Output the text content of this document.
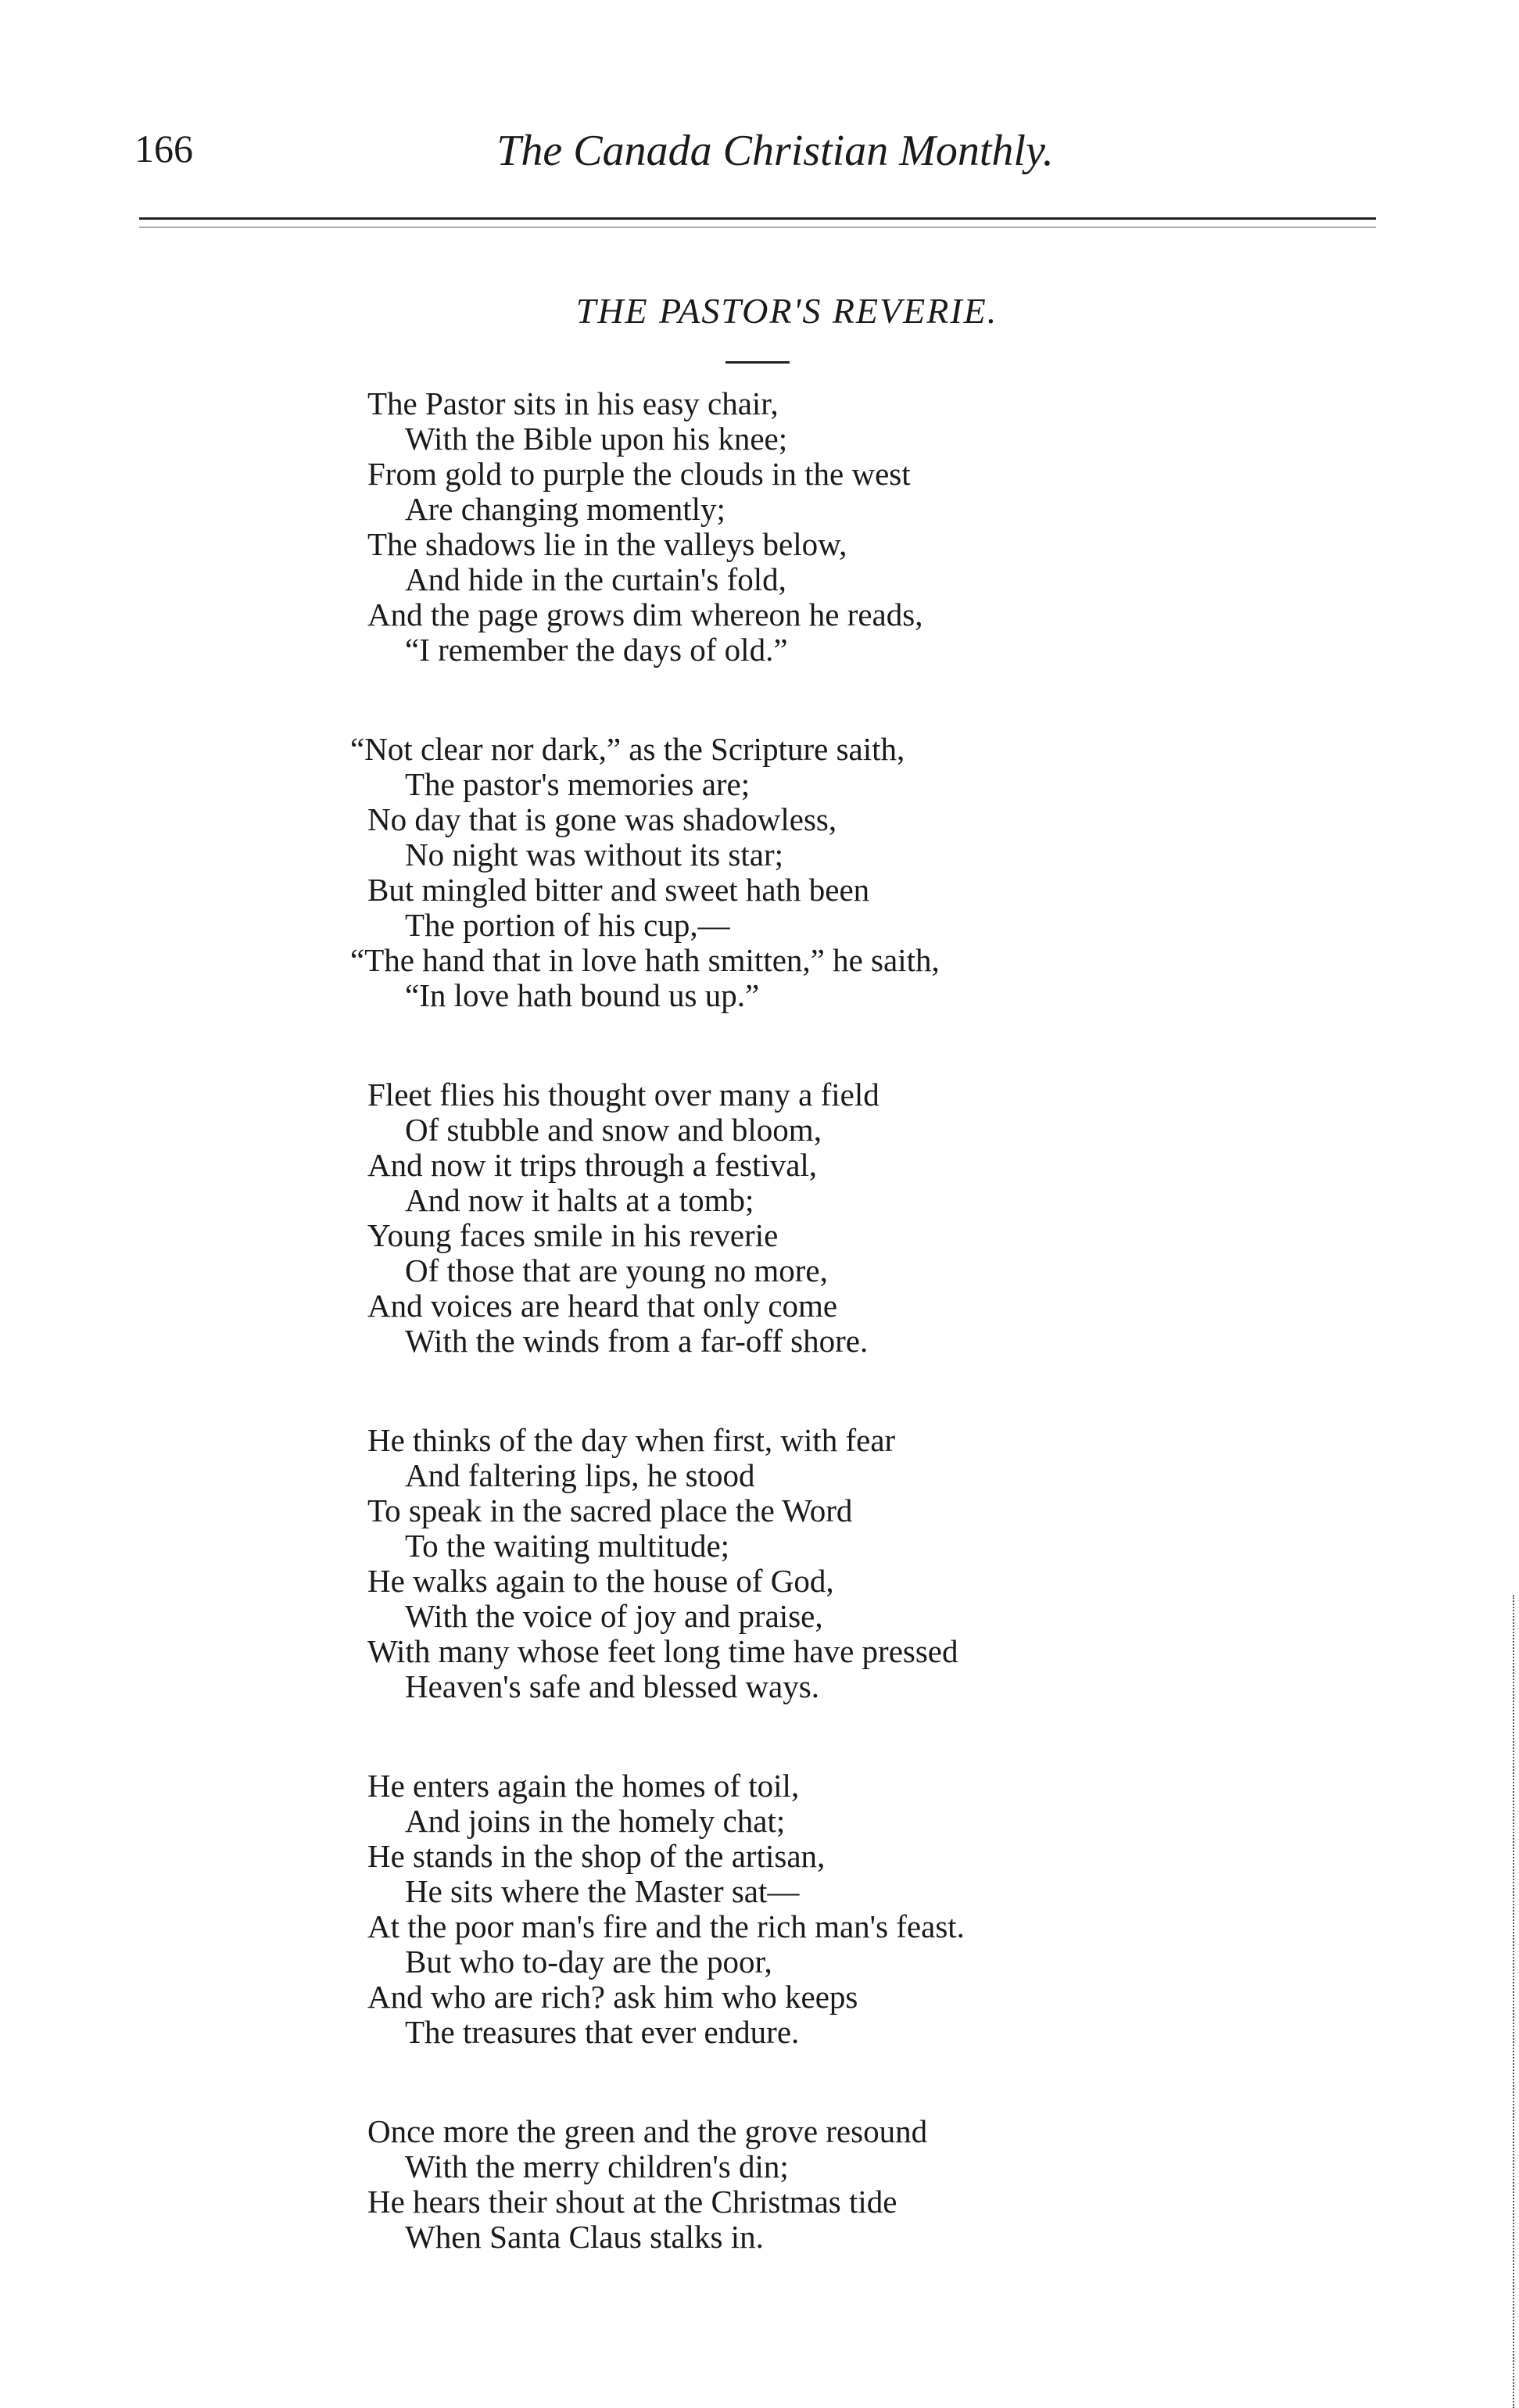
166	The Canada Christian Monthly.
THE PASTOR'S REVERIE.
The Pastor sits in his easy chair,
With the Bible upon his knee;
From gold to purple the clouds in the west
Are changing momently;
The shadows lie in the valleys below,
And hide in the curtain's fold,
And the page grows dim whereon he reads,
“I remember the days of old.”
“Not clear nor dark,” as the Scripture saith,
The pastor's memories are;
No day that is gone was shadowless,
No night was without its star;
But mingled bitter and sweet hath been
The portion of his cup,—
“The hand that in love hath smitten,” he saith,
“In love hath bound us up.”
Fleet flies his thought over many a field
Of stubble and snow and bloom,
And now it trips through a festival,
And now it halts at a tomb;
Young faces smile in his reverie
Of those that are young no more,
And voices are heard that only come
With the winds from a far-off shore.
He thinks of the day when first, with fear
And faltering lips, he stood
To speak in the sacred place the Word
To the waiting multitude;
He walks again to the house of God,
With the voice of joy and praise,
With many whose feet long time have pressed
Heaven's safe and blessed ways.
He enters again the homes of toil,
And joins in the homely chat;
He stands in the shop of the artisan,
He sits where the Master sat—
At the poor man's fire and the rich man's feast.
But who to-day are the poor,
And who are rich? ask him who keeps
The treasures that ever endure.
Once more the green and the grove resound
With the merry children's din;
He hears their shout at the Christmas tide
When Santa Claus stalks in.
